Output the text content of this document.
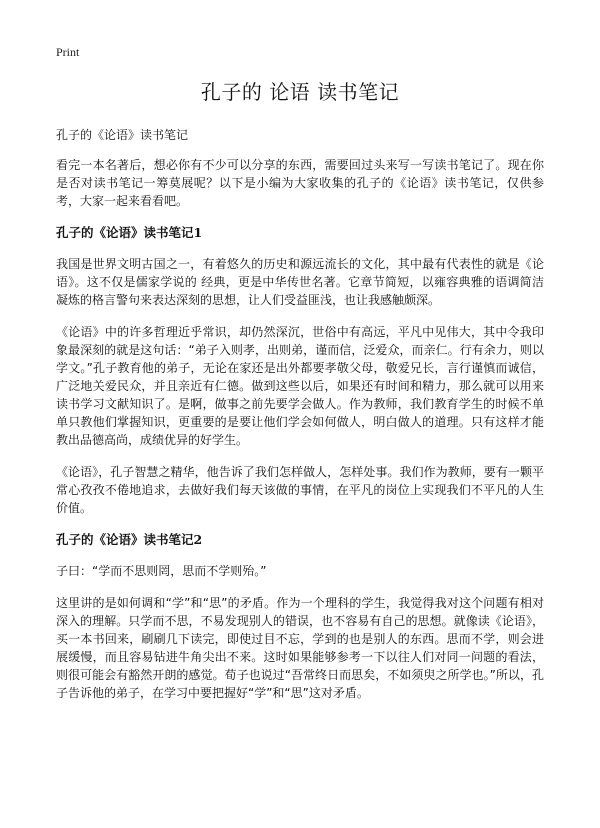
Print
孔子的 论语 读书笔记

孔子的《论语》读书笔记

看完一本名著后，想必你有不少可以分享的东西，需要回过头来写一写读书笔记了。现在你是否对读书笔记一筹莫展呢？以下是小编为大家收集的孔子的《论语》读书笔记，仅供参考，大家一起来看看吧。

孔子的《论语》读书笔记1

我国是世界文明古国之一，有着悠久的历史和源远流长的文化，其中最有代表性的就是《论语》。这不仅是儒家学说的 经典，更是中华传世名著。它章节简短，以雍容典雅的语调简洁凝炼的格言警句来表达深刻的思想，让人们受益匪浅，也让我感触颇深。

《论语》中的许多哲理近乎常识，却仍然深沉，世俗中有高远，平凡中见伟大，其中令我印象最深刻的就是这句话：“弟子入则孝，出则弟，谨而信，泛爱众，而亲仁。行有余力，则以学文。”孔子教育他的弟子，无论在家还是出外都要孝敬父母，敬爱兄长，言行谨慎而诚信，广泛地关爱民众，并且亲近有仁德。做到这些以后，如果还有时间和精力，那么就可以用来读书学习文献知识了。是啊，做事之前先要学会做人。作为教师，我们教育学生的时候不单单只教他们掌握知识，更重要的是要让他们学会如何做人，明白做人的道理。只有这样才能教出品德高尚，成绩优异的好学生。

《论语》，孔子智慧之精华，他告诉了我们怎样做人，怎样处事。我们作为教师，要有一颗平常心孜孜不倦地追求，去做好我们每天该做的事情，在平凡的岗位上实现我们不平凡的人生价值。

孔子的《论语》读书笔记2

子曰：“学而不思则罔，思而不学则殆。”

这里讲的是如何调和“学”和“思”的矛盾。作为一个理科的学生，我觉得我对这个问题有相对深入的理解。只学而不思，不易发现别人的错误，也不容易有自己的思想。就像读《论语》，买一本书回来，刷刷几下读完，即使过目不忘，学到的也是别人的东西。思而不学，则会进展缓慢，而且容易钻进牛角尖出不来。这时如果能够参考一下以往人们对同一问题的看法，则很可能会有豁然开朗的感觉。荀子也说过“吾常终日而思矣，不如须臾之所学也。”所以，孔子告诉他的弟子，在学习中要把握好“学”和“思”这对矛盾。
